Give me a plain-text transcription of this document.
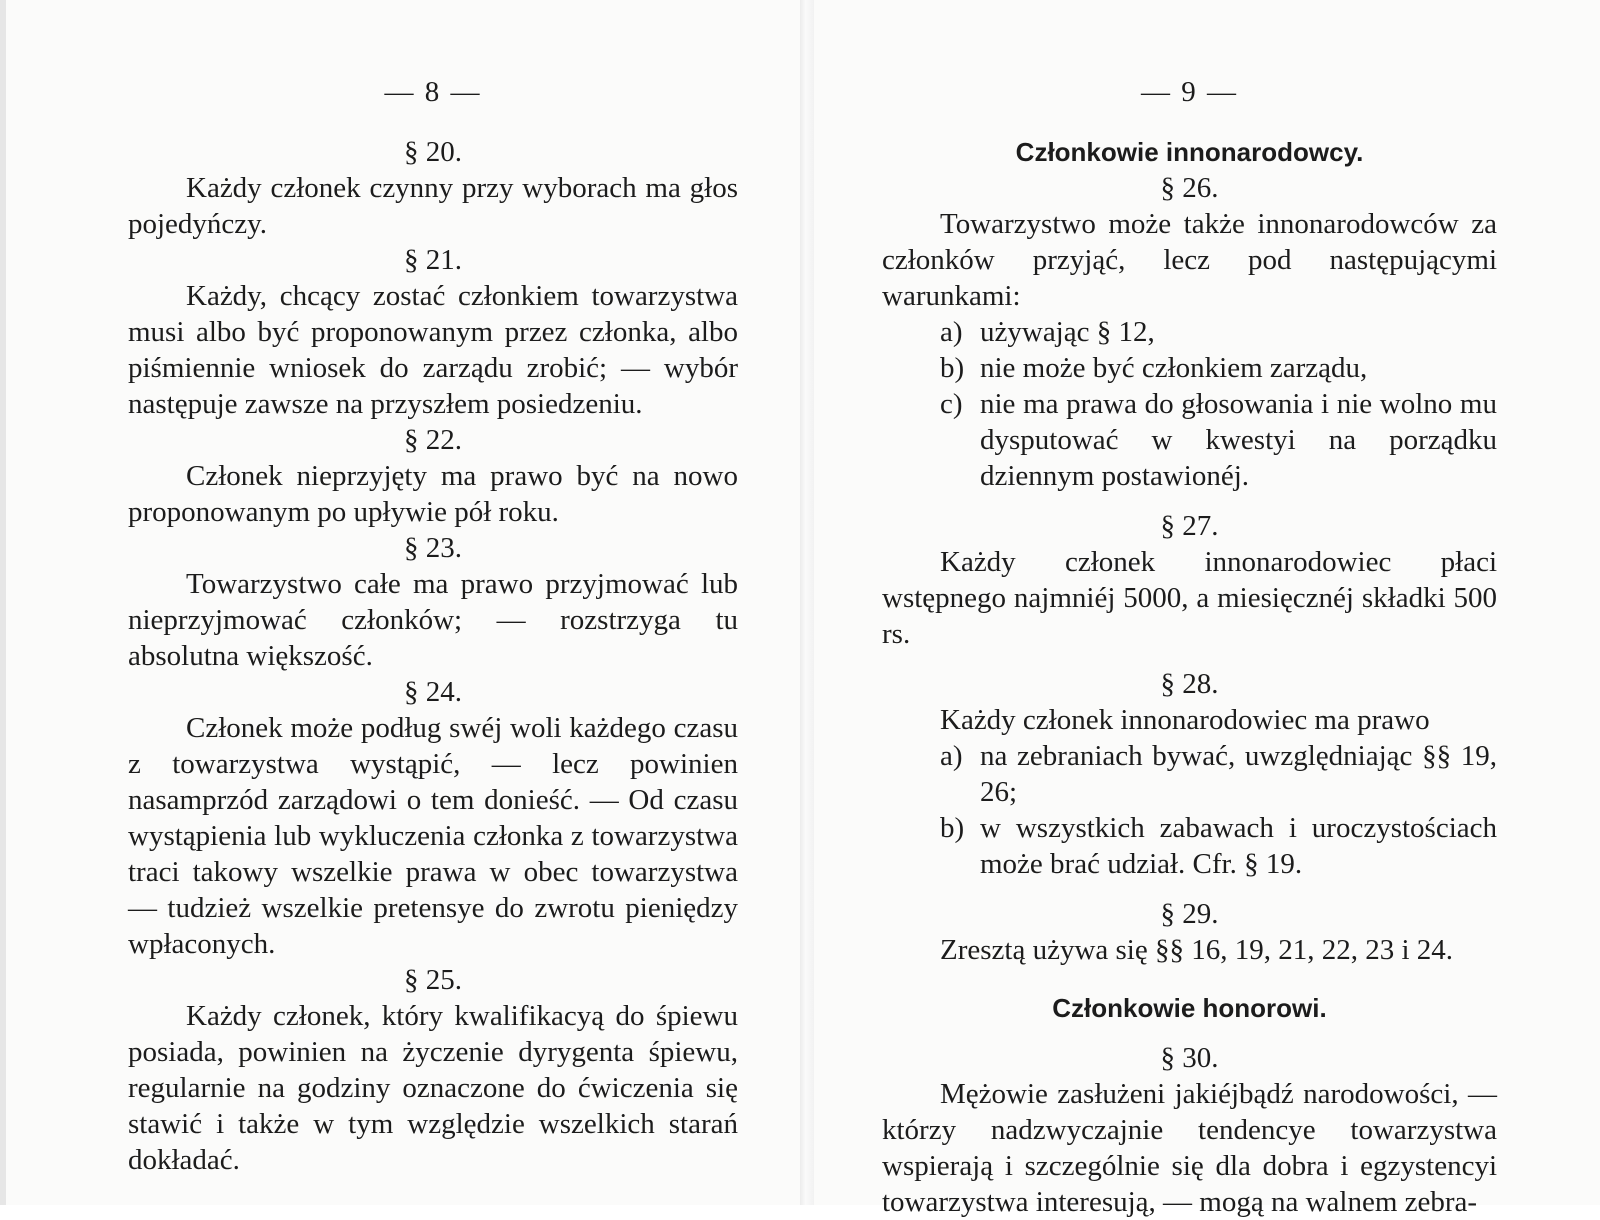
— 8 —

§ 20.

Każdy członek czynny przy wyborach ma głos pojedyńczy.

§ 21.

Każdy, chcący zostać członkiem towarzystwa musi albo być proponowanym przez członka, albo piśmiennie wniosek do zarządu zrobić; — wybór następuje zawsze na przyszłem posiedzeniu.

§ 22.

Członek nieprzyjęty ma prawo być na nowo proponowanym po upływie pół roku.

§ 23.

Towarzystwo całe ma prawo przyjmować lub nieprzyjmować członków; — rozstrzyga tu absolutna większość.

§ 24.

Członek może podług swéj woli każdego czasu z towarzystwa wystąpić, — lecz powinien nasamprzód zarządowi o tem donieść. — Od czasu wystąpienia lub wykluczenia członka z towarzystwa traci takowy wszelkie prawa w obec towarzystwa — tudzież wszelkie pretensye do zwrotu pieniędzy wpłaconych.

§ 25.

Każdy członek, który kwalifikacyą do śpiewu posiada, powinien na życzenie dyrygenta śpiewu, regularnie na godziny oznaczone do ćwiczenia się stawić i także w tym względzie wszelkich starań dokładać.

— 9 —

Członkowie innonarodowcy.

§ 26.

Towarzystwo może także innonarodowców za członków przyjąć, lecz pod następującymi warunkami:

a) używając § 12,
b) nie może być członkiem zarządu,
c) nie ma prawa do głosowania i nie wolno mu dysputować w kwestyi na porządku dziennym postawionéj.

§ 27.

Każdy członek innonarodowiec płaci wstępnego najmniéj 5000, a miesięcznéj składki 500 rs.

§ 28.

Każdy członek innonarodowiec ma prawo

a) na zebraniach bywać, uwzględniając §§ 19, 26;
b) w wszystkich zabawach i uroczystościach może brać udział. Cfr. § 19.

§ 29.

Zresztą używa się §§ 16, 19, 21, 22, 23 i 24.

Członkowie honorowi.

§ 30.

Mężowie zasłużeni jakiéjbądź narodowości, — którzy nadzwyczajnie tendencye towarzystwa wspierają i szczególnie się dla dobra i egzystencyi towarzystwa interesują, — mogą na walnem zebra-
